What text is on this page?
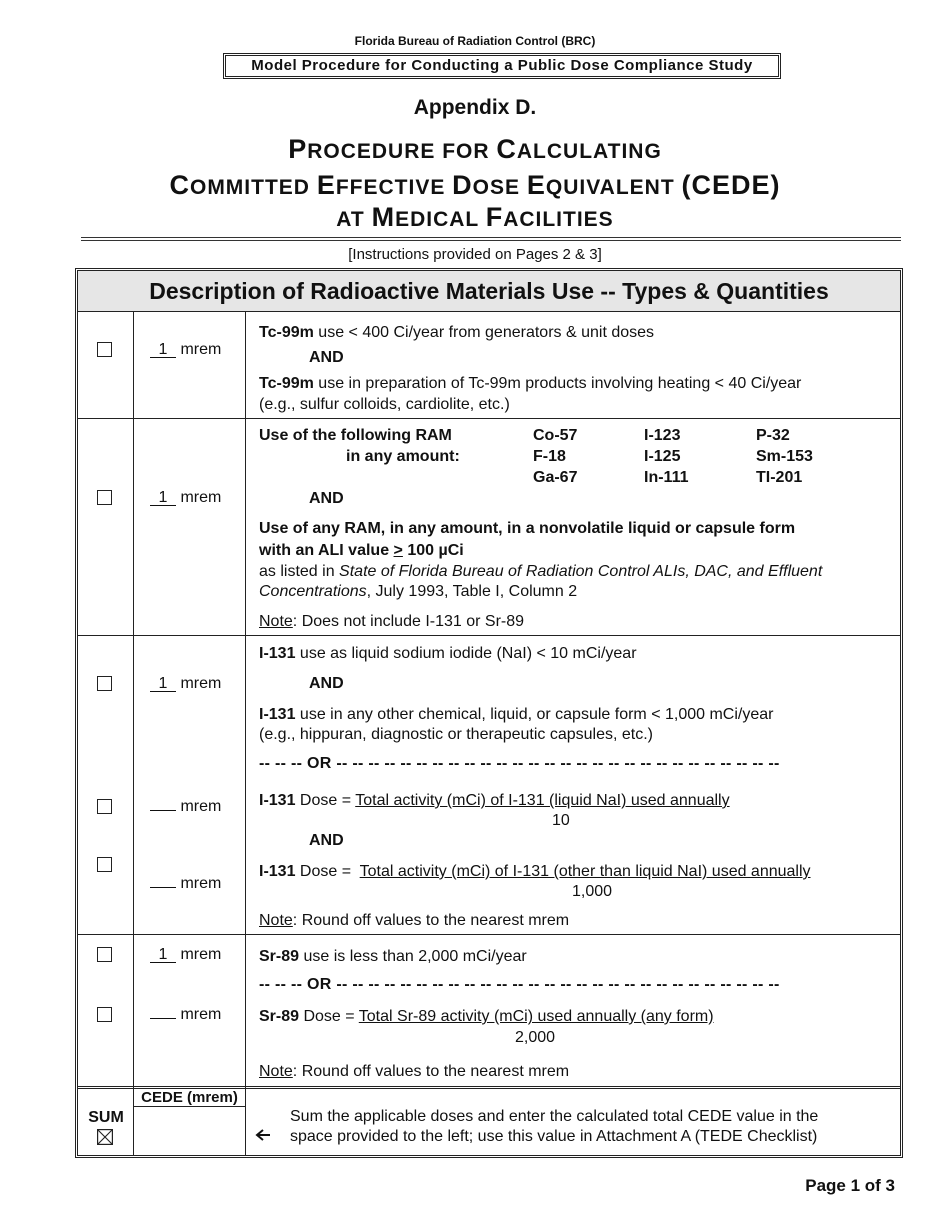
Florida Bureau of Radiation Control (BRC)
Model Procedure for Conducting a Public Dose Compliance Study
Appendix D.
PROCEDURE FOR CALCULATING
COMMITTED EFFECTIVE DOSE EQUIVALENT (CEDE)
AT MEDICAL FACILITIES
[Instructions provided on Pages 2 & 3]
Description of Radioactive Materials Use -- Types & Quantities
1 mrem
Tc-99m use < 400 Ci/year from generators & unit doses
AND
Tc-99m use in preparation of Tc-99m products involving heating < 40 Ci/year
(e.g., sulfur colloids, cardiolite, etc.)
1 mrem
Use of the following RAM
in any amount:
Co-57	I-123	P-32
F-18	I-125	Sm-153
Ga-67	In-111	TI-201
AND
Use of any RAM, in any amount, in a nonvolatile liquid or capsule form
with an ALI value > 100 µCi
as listed in State of Florida Bureau of Radiation Control ALIs, DAC, and Effluent
Concentrations, July 1993, Table I, Column 2
Note: Does not include I-131 or Sr-89
1 mrem
I-131 use as liquid sodium iodide (NaI) < 10 mCi/year
AND
I-131 use in any other chemical, liquid, or capsule form < 1,000 mCi/year
(e.g., hippuran, diagnostic or therapeutic capsules, etc.)
-- -- -- OR -- -- -- -- -- -- -- -- -- -- -- -- -- -- -- -- -- -- -- -- -- -- -- -- -- -- -- --
mrem I-131 Dose = Total activity (mCi) of I-131 (liquid NaI) used annually
10
AND
mrem
I-131 Dose =  Total activity (mCi) of I-131 (other than liquid NaI) used annually
1,000
Note: Round off values to the nearest mrem
1 mrem Sr-89 use is less than 2,000 mCi/year
-- -- -- OR -- -- -- -- -- -- -- -- -- -- -- -- -- -- -- -- -- -- -- -- -- -- -- -- -- -- -- --
mrem Sr-89 Dose = Total Sr-89 activity (mCi) used annually (any form)
2,000
Note: Round off values to the nearest mrem
SUM
CEDE (mrem)
Sum the applicable doses and enter the calculated total CEDE value in the
space provided to the left; use this value in Attachment A (TEDE Checklist)
Page 1 of 3
